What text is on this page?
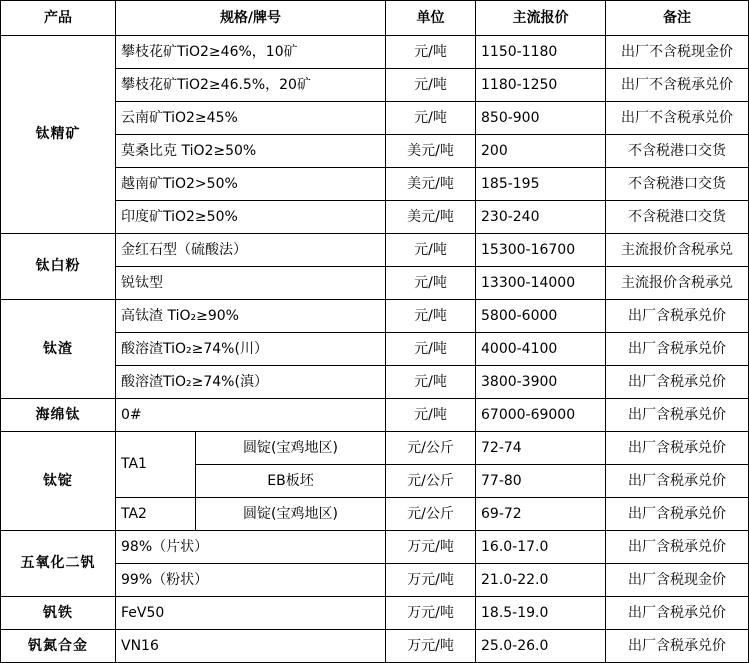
产品	规格/牌号		单位	主流报价	备注
钛精矿	攀枝花矿TiO2≥46%，10矿		元/吨	1150-1180	出厂不含税现金价
	攀枝花矿TiO2≥46.5%，20矿		元/吨	1180-1250	出厂不含税承兑价
	云南矿TiO2≥45%		元/吨	850-900	出厂不含税承兑价
	莫桑比克 TiO2≥50%		美元/吨	200	不含税港口交货
	越南矿TiO2>50%		美元/吨	185-195	不含税港口交货
	印度矿TiO2≥50%		美元/吨	230-240	不含税港口交货
钛白粉	金红石型（硫酸法）		元/吨	15300-16700	主流报价含税承兑
	锐钛型		元/吨	13300-14000	主流报价含税承兑
钛渣	高钛渣 TiO₂≥90%		元/吨	5800-6000	出厂含税承兑价
	酸溶渣TiO₂≥74%(川）		元/吨	4000-4100	出厂含税承兑价
	酸溶渣TiO₂≥74%(滇）		元/吨	3800-3900	出厂含税承兑价
海绵钛	0#		元/吨	67000-69000	出厂含税承兑价
钛锭	TA1	圆锭(宝鸡地区)	元/公斤	72-74	出厂含税承兑价
		EB板坯	元/公斤	77-80	出厂含税承兑价
	TA2	圆锭(宝鸡地区)	元/公斤	69-72	出厂含税承兑价
五氧化二钒	98%（片状）		万元/吨	16.0-17.0	出厂含税承兑价
	99%（粉状）		万元/吨	21.0-22.0	出厂含税现金价
钒铁	FeV50		万元/吨	18.5-19.0	出厂含税承兑价
钒氮合金	VN16		万元/吨	25.0-26.0	出厂含税承兑价
